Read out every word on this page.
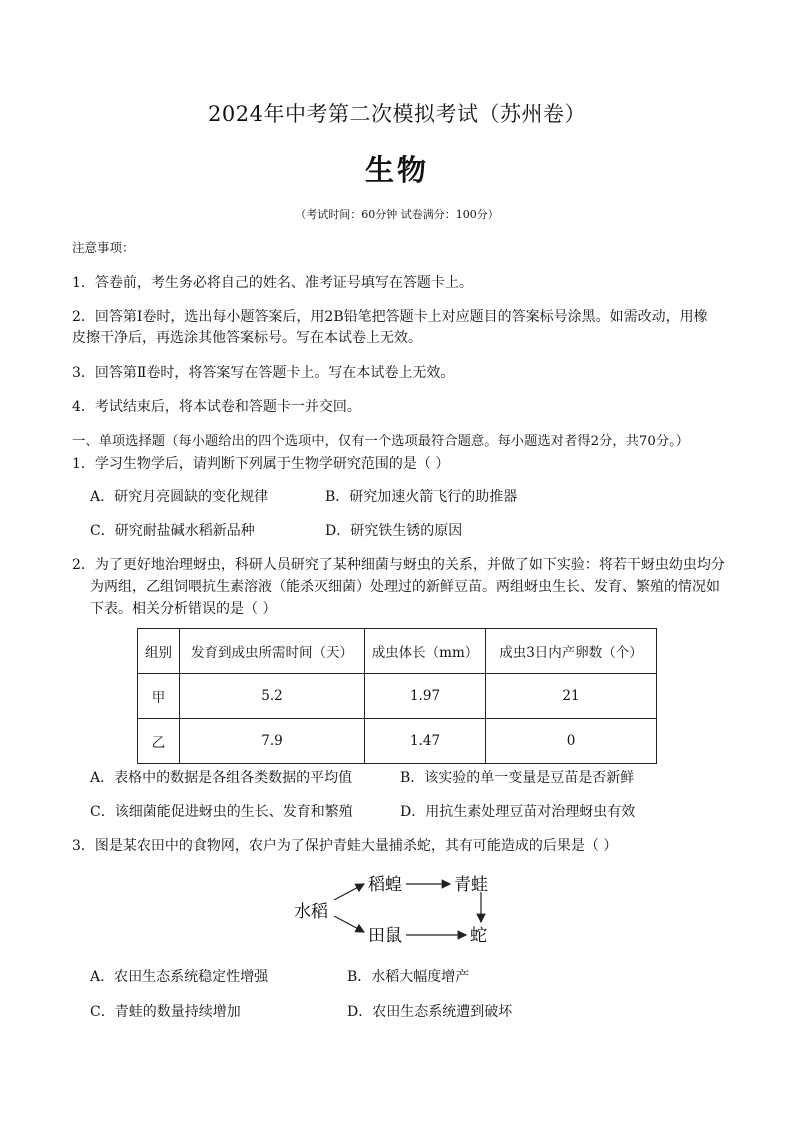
2024年中考第二次模拟考试（苏州卷）
生物
（考试时间：60分钟 试卷满分：100分）
注意事项：
1．答卷前，考生务必将自己的姓名、准考证号填写在答题卡上。
2．回答第Ⅰ卷时，选出每小题答案后，用2B铅笔把答题卡上对应题目的答案标号涂黑。如需改动，用橡
皮擦干净后，再选涂其他答案标号。写在本试卷上无效。
3．回答第Ⅱ卷时，将答案写在答题卡上。写在本试卷上无效。
4．考试结束后，将本试卷和答题卡一并交回。
一、单项选择题（每小题给出的四个选项中，仅有一个选项最符合题意。每小题选对者得2分，共70分。）
1．学习生物学后，请判断下列属于生物学研究范围的是（ ）
A．研究月亮圆缺的变化规律	B．研究加速火箭飞行的助推器
C．研究耐盐碱水稻新品种	D．研究铁生锈的原因
2．为了更好地治理蚜虫，科研人员研究了某种细菌与蚜虫的关系，并做了如下实验：将若干蚜虫幼虫均分
为两组，乙组饲喂抗生素溶液（能杀灭细菌）处理过的新鲜豆苗。两组蚜虫生长、发育、繁殖的情况如
下表。相关分析错误的是（ ）
组别	发育到成虫所需时间（天）	成虫体长（mm）	成虫3日内产卵数（个）
甲	5.2	1.97	21
乙	7.9	1.47	0
A．表格中的数据是各组各类数据的平均值	B．该实验的单一变量是豆苗是否新鲜
C．该细菌能促进蚜虫的生长、发育和繁殖	D．用抗生素处理豆苗对治理蚜虫有效
3．图是某农田中的食物网，农户为了保护青蛙大量捕杀蛇，其有可能造成的后果是（ ）
水稻
稻蝗	青蛙
田鼠	蛇
A．农田生态系统稳定性增强	B．水稻大幅度增产
C．青蛙的数量持续增加	D．农田生态系统遭到破坏
